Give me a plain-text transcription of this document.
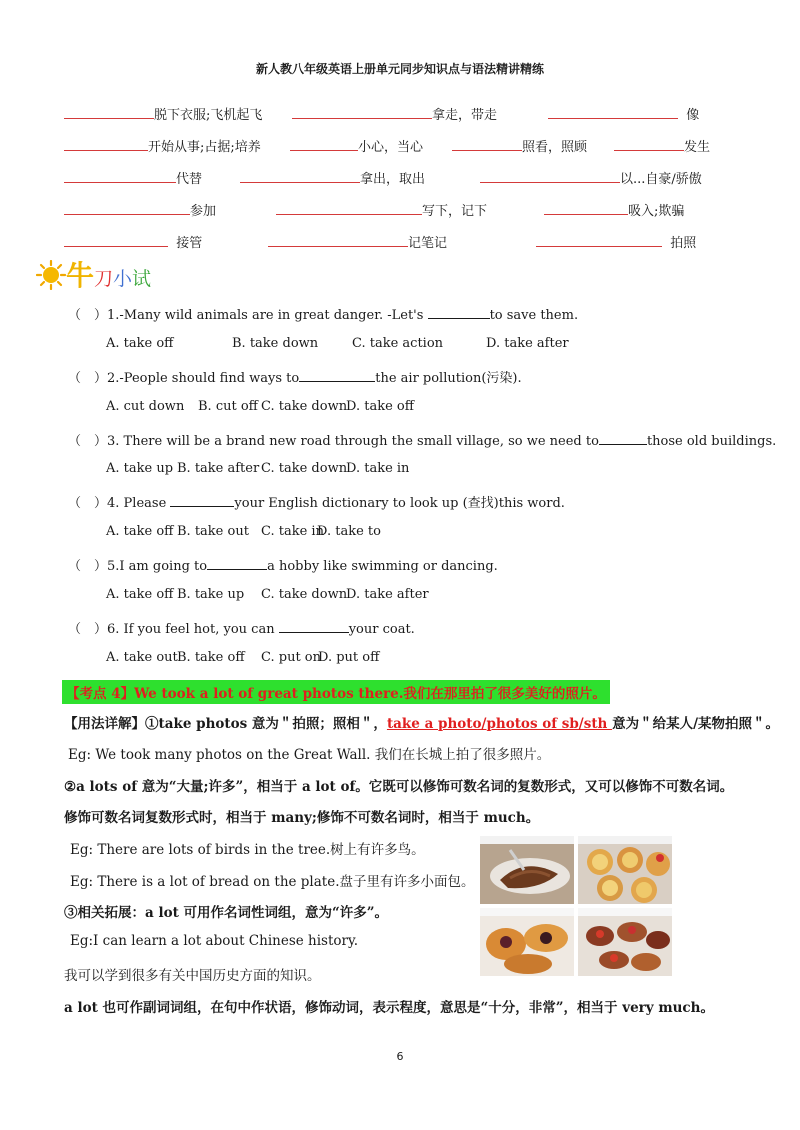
新人教八年级英语上册单元同步知识点与语法精讲精练
脱下衣服;飞机起飞	拿走，带走	像
开始从事;占据;培养	小心，当心	照看，照顾	发生
代替	拿出，取出	以...自豪/骄傲
参加	写下，记下	吸入;欺骗
接管	记笔记	拍照
牛刀小试
（　）1.-Many wild animals are in great danger. -Let's	to save them.
A. take off	B. take down	C. take action	D. take after
（　）2.-People should find ways to	the air pollution(污染).
A. cut down B. cut off C. take downD. take off
（　）3. There will be a brand new road through the small village, so we need to	those old buildings.
A. take up B. take after C. take downD. take in
（　）4. Please	your English dictionary to look up (查找)this word.
A. take off B. take out C. take inD. take to
（　）5.I am going to	a hobby like swimming or dancing.
A. take off B. take up C. take downD. take after
（　）6. If you feel hot, you can	your coat.
A. take outB. take off C. put onD. put off
【考点 4】We took a lot of great photos there.我们在那里拍了很多美好的照片。
【用法详解】①take photos 意为＂拍照；照相＂，take a photo/photos of sb/sth 意为＂给某人/某物拍照＂。
Eg: We took many photos on the Great Wall. 我们在长城上拍了很多照片。
②a lots of 意为“大量;许多”，相当于 a lot of。它既可以修饰可数名词的复数形式，又可以修饰不可数名词。
修饰可数名词复数形式时，相当于 many;修饰不可数名词时，相当于 much。
Eg: There are lots of birds in the tree.树上有许多鸟。
Eg: There is a lot of bread on the plate.盘子里有许多小面包。
③相关拓展：a lot 可用作名词性词组，意为“许多”。
Eg:I can learn a lot about Chinese history.
我可以学到很多有关中国历史方面的知识。
a lot 也可作副词词组，在句中作状语，修饰动词，表示程度，意思是“十分，非常”，相当于 very much。
6
